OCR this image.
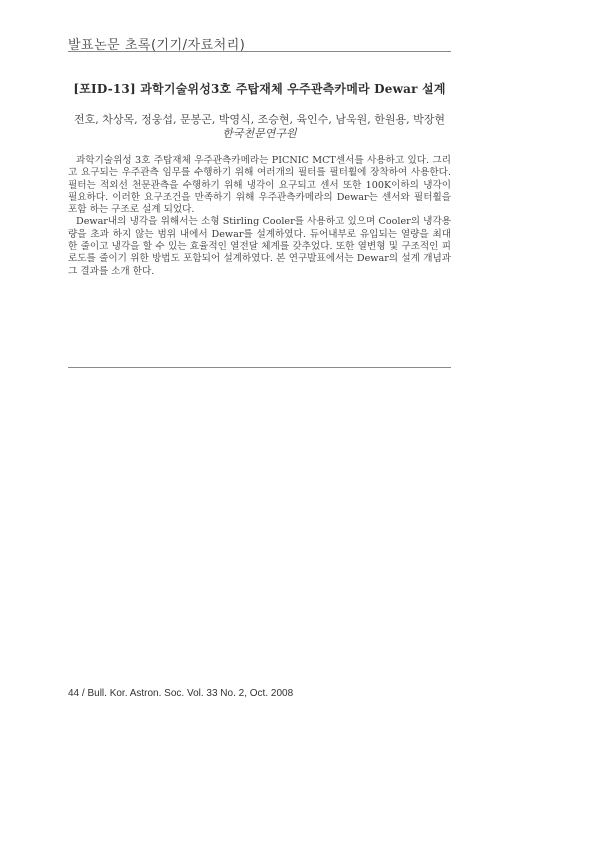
발표논문 초록(기기/자료처리)
[포ID-13] 과학기술위성3호 주탑재체 우주관측카메라 Dewar 설계
전호, 차상목, 정웅섭, 문봉곤, 박영식, 조승현, 육인수, 남욱원, 한원용, 박장현
한국천문연구원

과학기술위성 3호 주탑재체 우주관측카메라는 PICNIC MCT센서를 사용하고 있다. 그리고 요구되는 우주관측 임무를 수행하기 위해 여러개의 필터를 필터휠에 장착하여 사용한다. 필터는 적외선 천문관측을 수행하기 위해 냉각이 요구되고 센서 또한 100K이하의 냉각이 필요하다. 이러한 요구조건을 만족하기 위해 우주관측카메라의 Dewar는 센서와 필터휠을 포함 하는 구조로 설계 되었다.

Dewar내의 냉각을 위해서는 소형 Stirling Cooler를 사용하고 있으며 Cooler의 냉각용량을 초과 하지 않는 범위 내에서 Dewar를 설계하였다. 듀어내부로 유입되는 열량을 최대한 줄이고 냉각을 할 수 있는 효율적인 열전달 체계를 갖추었다. 또한 열변형 및 구조적인 피로도를 줄이기 위한 방법도 포함되어 설계하였다. 본 연구발표에서는 Dewar의 설계 개념과 그 결과를 소개 한다.

44 / Bull. Kor. Astron. Soc. Vol. 33 No. 2, Oct. 2008
